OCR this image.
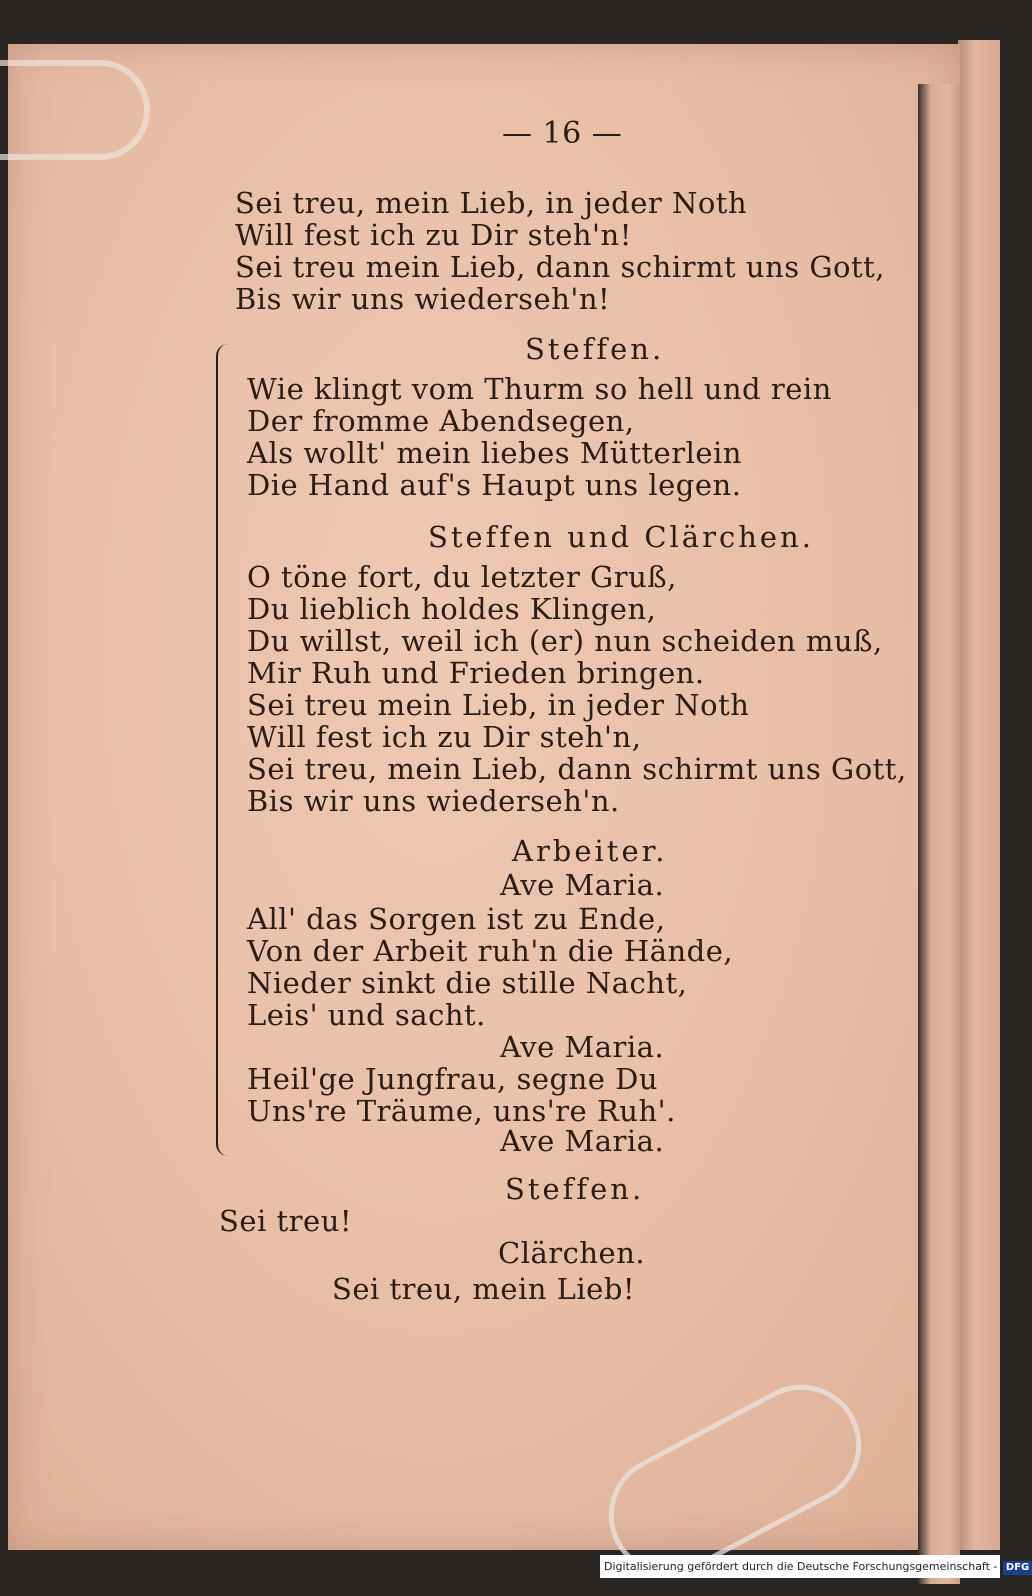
— 16 —
Sei treu, mein Lieb, in jeder Noth
Will fest ich zu Dir steh'n!
Sei treu mein Lieb, dann schirmt uns Gott,
Bis wir uns wiederseh'n!
Steffen.
Wie klingt vom Thurm so hell und rein
Der fromme Abendsegen,
Als wollt' mein liebes Mütterlein
Die Hand auf's Haupt uns legen.
Steffen und Clärchen.
O töne fort, du letzter Gruß,
Du lieblich holdes Klingen,
Du willst, weil ich (er) nun scheiden muß,
Mir Ruh und Frieden bringen.
Sei treu mein Lieb, in jeder Noth
Will fest ich zu Dir steh'n,
Sei treu, mein Lieb, dann schirmt uns Gott,
Bis wir uns wiederseh'n.
Arbeiter.
Ave Maria.
All' das Sorgen ist zu Ende,
Von der Arbeit ruh'n die Hände,
Nieder sinkt die stille Nacht,
Leis' und sacht.
Ave Maria.
Heil'ge Jungfrau, segne Du
Uns're Träume, uns're Ruh'.
Ave Maria.
Steffen.
Sei treu!
Clärchen.
Sei treu, mein Lieb!
Digitalisierung gefördert durch die Deutsche Forschungsgemeinschaft - DFG
